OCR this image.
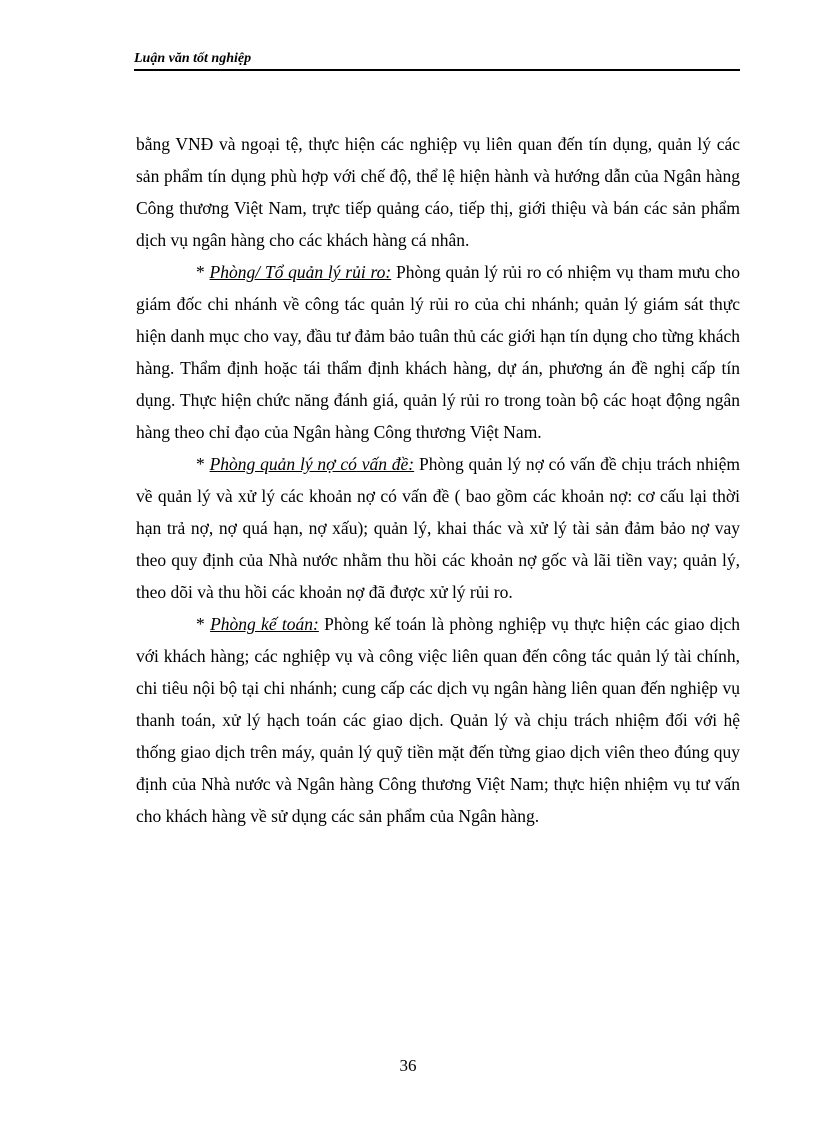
Luận văn tốt nghiệp

bằng VNĐ và ngoại tệ, thực hiện các nghiệp vụ liên quan đến tín dụng, quản lý các sản phẩm tín dụng phù hợp với chế độ, thể lệ hiện hành và hướng dẫn của Ngân hàng Công thương Việt Nam, trực tiếp quảng cáo, tiếp thị, giới thiệu và bán các sản phẩm dịch vụ ngân hàng cho các khách hàng cá nhân.

* Phòng/ Tổ quản lý rủi ro: Phòng quản lý rủi ro có nhiệm vụ tham mưu cho giám đốc chi nhánh về công tác quản lý rủi ro của chi nhánh; quản lý giám sát thực hiện danh mục cho vay, đầu tư đảm bảo tuân thủ các giới hạn tín dụng cho từng khách hàng. Thẩm định hoặc tái thẩm định khách hàng, dự án, phương án đề nghị cấp tín dụng. Thực hiện chức năng đánh giá, quản lý rủi ro trong toàn bộ các hoạt động ngân hàng theo chỉ đạo của Ngân hàng Công thương Việt Nam.

* Phòng quản lý nợ có vấn đề: Phòng quản lý nợ có vấn đề chịu trách nhiệm về quản lý và xử lý các khoản nợ có vấn đề ( bao gồm các khoản nợ: cơ cấu lại thời hạn trả nợ, nợ quá hạn, nợ xấu); quản lý, khai thác và xử lý tài sản đảm bảo nợ vay theo quy định của Nhà nước nhằm thu hồi các khoản nợ gốc và lãi tiền vay; quản lý, theo dõi và thu hồi các khoản nợ đã được xử lý rủi ro.

* Phòng kế toán: Phòng kế toán là phòng nghiệp vụ thực hiện các giao dịch với khách hàng; các nghiệp vụ và công việc liên quan đến công tác quản lý tài chính, chi tiêu nội bộ tại chi nhánh; cung cấp các dịch vụ ngân hàng liên quan đến nghiệp vụ thanh toán, xử lý hạch toán các giao dịch. Quản lý và chịu trách nhiệm đối với hệ thống giao dịch trên máy, quản lý quỹ tiền mặt đến từng giao dịch viên theo đúng quy định của Nhà nước và Ngân hàng Công thương Việt Nam; thực hiện nhiệm vụ tư vấn cho khách hàng về sử dụng các sản phẩm của Ngân hàng.

36
